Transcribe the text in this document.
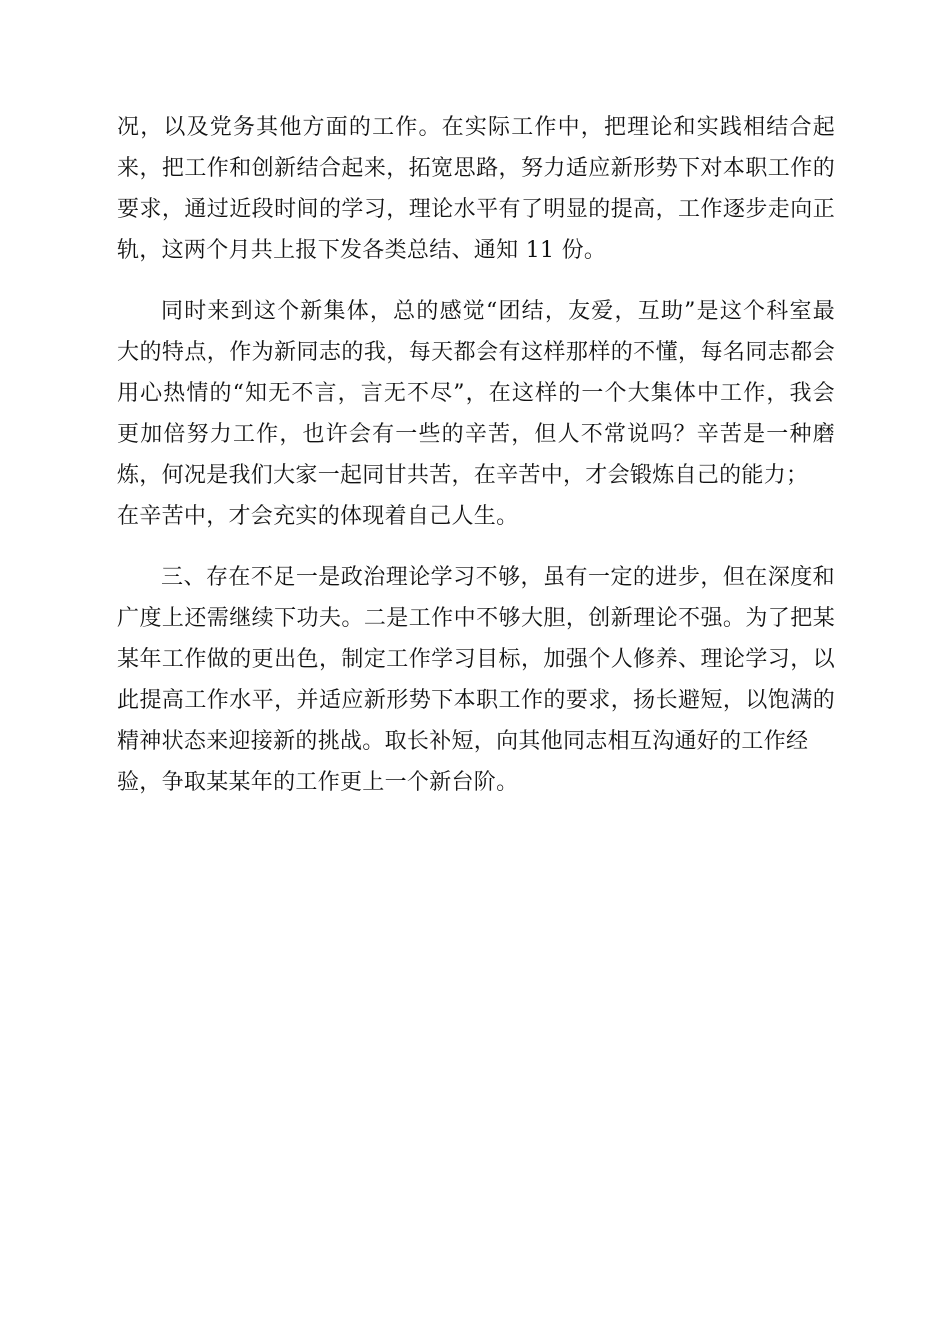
况，以及党务其他方面的工作。在实际工作中，把理论和实践相结合起
来，把工作和创新结合起来，拓宽思路，努力适应新形势下对本职工作的
要求，通过近段时间的学习，理论水平有了明显的提高，工作逐步走向正
轨，这两个月共上报下发各类总结、通知 11 份。
同时来到这个新集体，总的感觉“团结，友爱，互助”是这个科室最
大的特点，作为新同志的我，每天都会有这样那样的不懂，每名同志都会
用心热情的“知无不言，言无不尽”，在这样的一个大集体中工作，我会
更加倍努力工作，也许会有一些的辛苦，但人不常说吗？辛苦是一种磨
炼，何况是我们大家一起同甘共苦，在辛苦中，才会锻炼自己的能力；
在辛苦中，才会充实的体现着自己人生。
三、存在不足一是政治理论学习不够，虽有一定的进步，但在深度和
广度上还需继续下功夫。二是工作中不够大胆，创新理论不强。为了把某
某年工作做的更出色，制定工作学习目标，加强个人修养、理论学习，以
此提高工作水平，并适应新形势下本职工作的要求，扬长避短，以饱满的
精神状态来迎接新的挑战。取长补短，向其他同志相互沟通好的工作经
验，争取某某年的工作更上一个新台阶。
